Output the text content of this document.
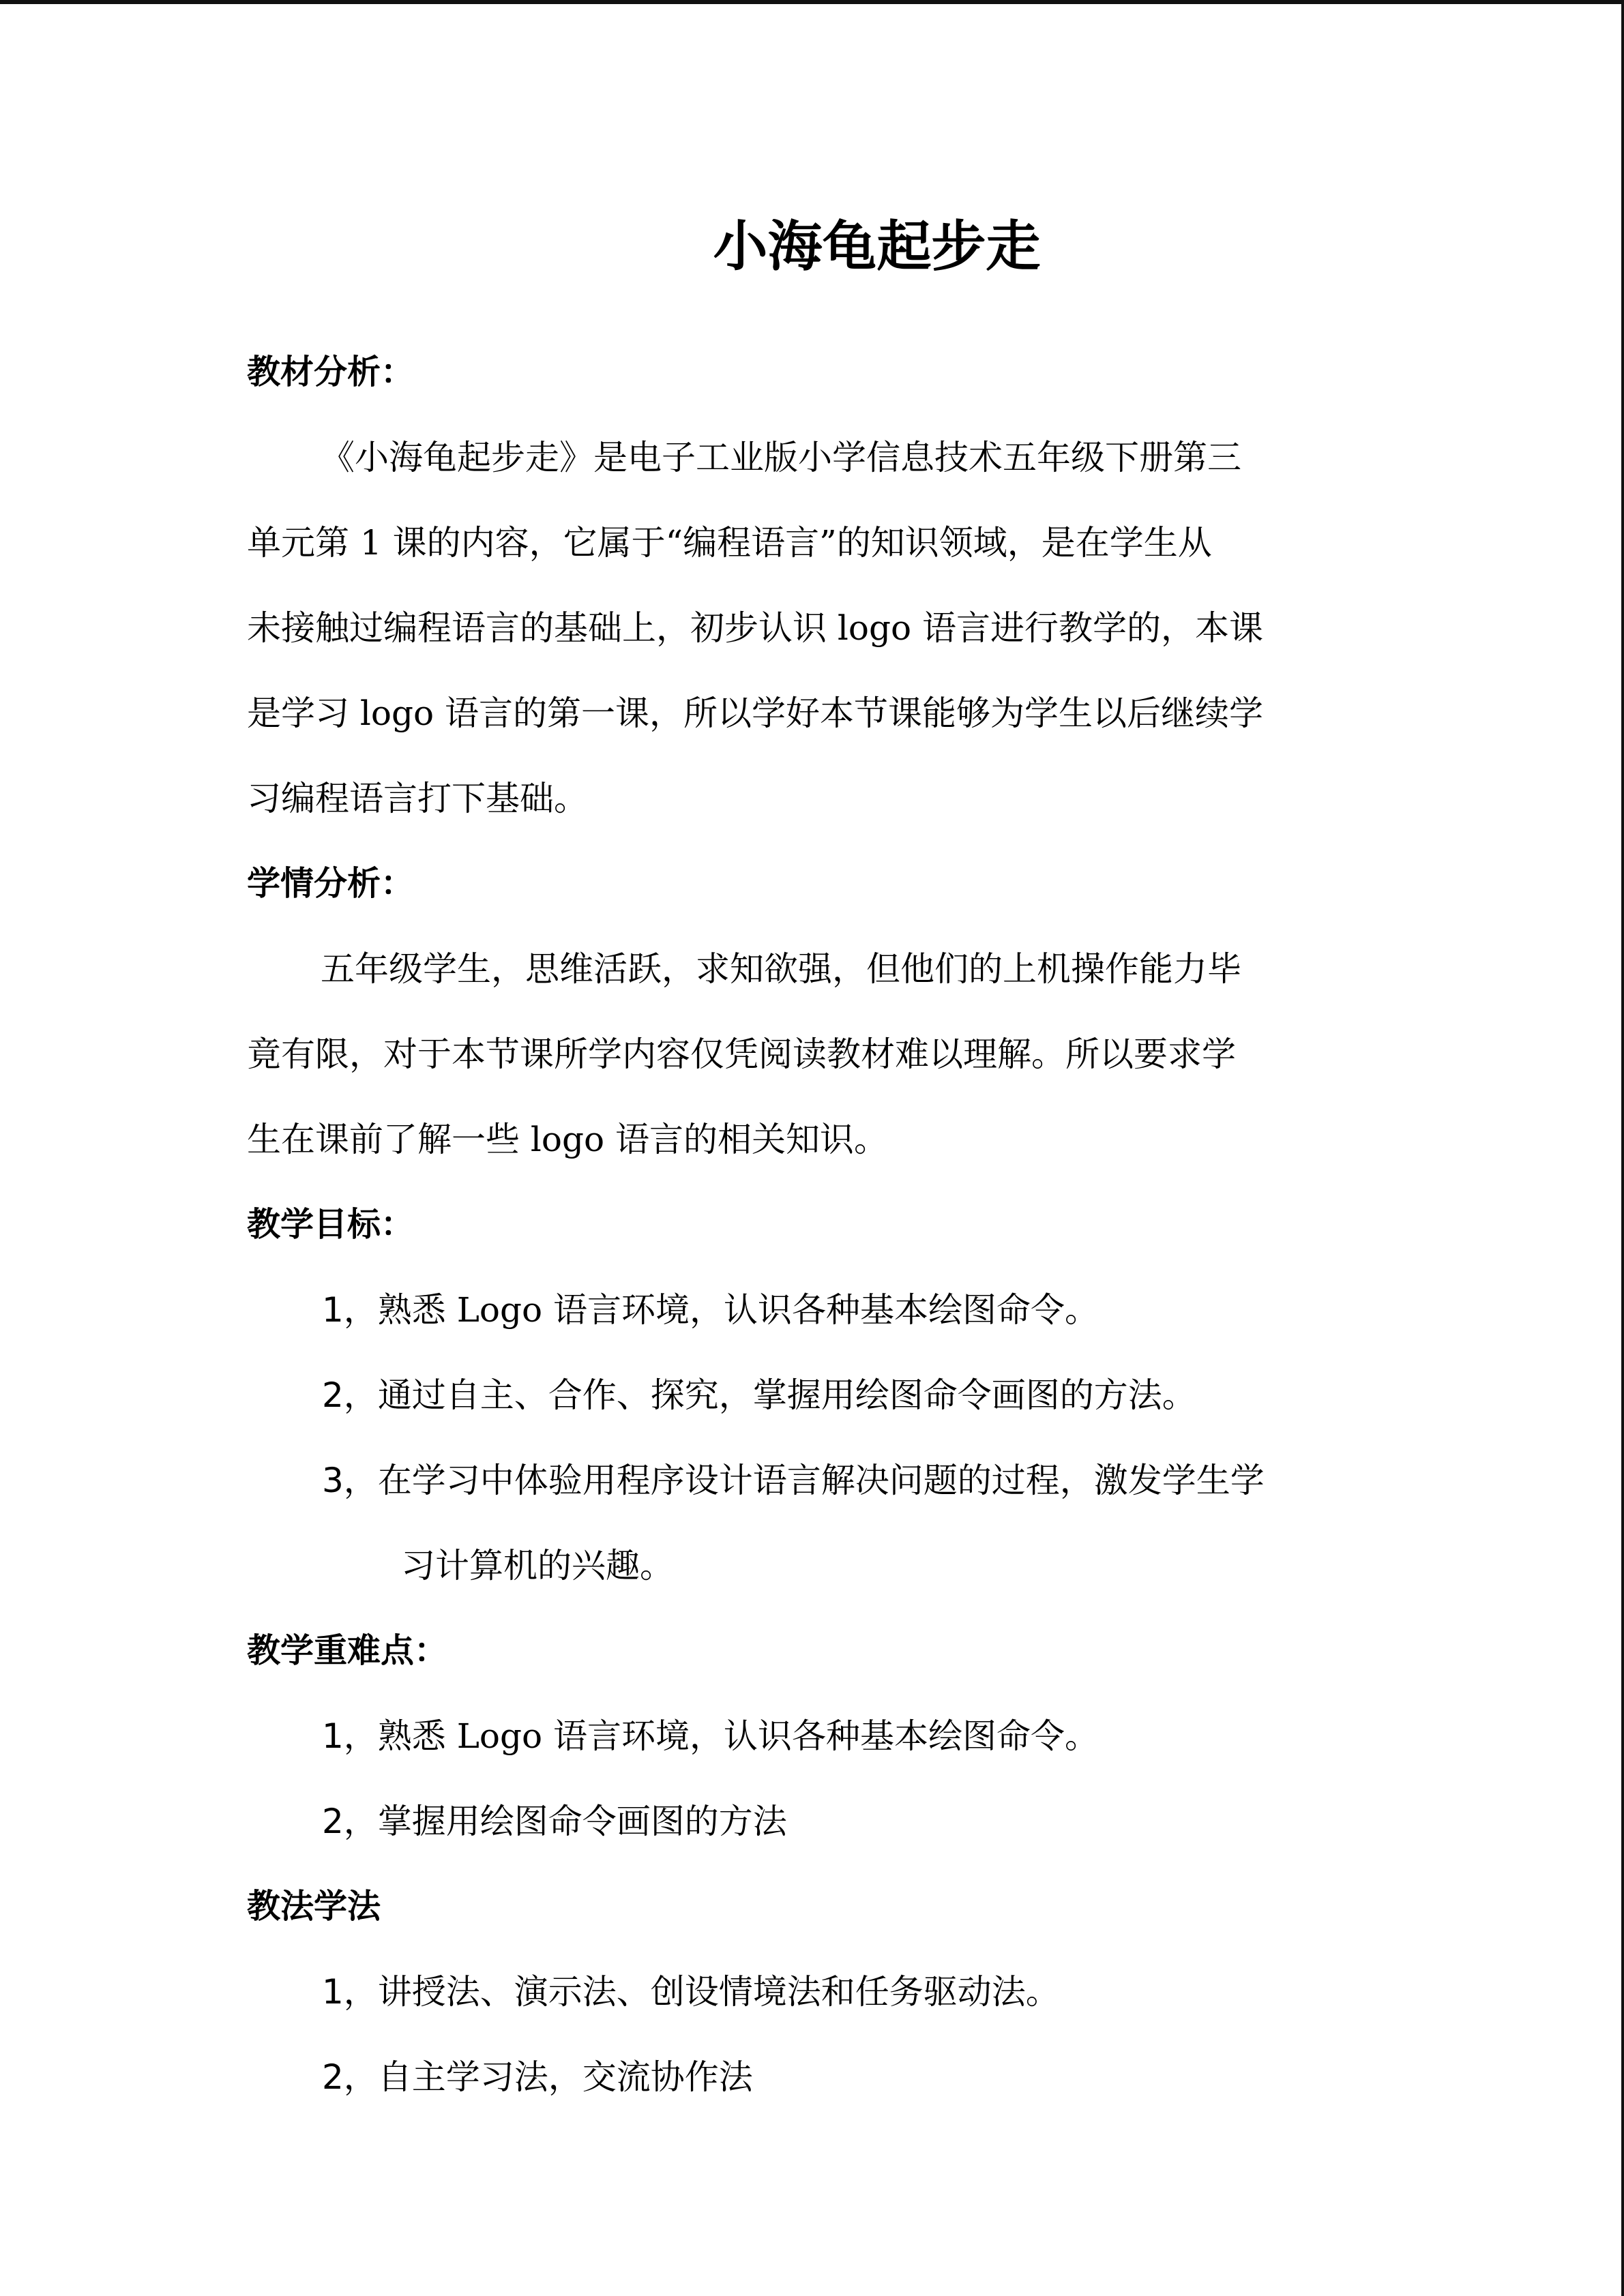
小海龟起步走
教材分析：
《小海龟起步走》是电子工业版小学信息技术五年级下册第三
单元第 1 课的内容，它属于“编程语言”的知识领域，是在学生从
未接触过编程语言的基础上，初步认识 logo 语言进行教学的，本课
是学习 logo 语言的第一课，所以学好本节课能够为学生以后继续学
习编程语言打下基础。
学情分析：
五年级学生，思维活跃，求知欲强，但他们的上机操作能力毕
竟有限，对于本节课所学内容仅凭阅读教材难以理解。所以要求学
生在课前了解一些 logo 语言的相关知识。
教学目标：
1，熟悉 Logo 语言环境，认识各种基本绘图命令。
2，通过自主、合作、探究，掌握用绘图命令画图的方法。
3，在学习中体验用程序设计语言解决问题的过程，激发学生学
习计算机的兴趣。
教学重难点：
1，熟悉 Logo 语言环境，认识各种基本绘图命令。
2，掌握用绘图命令画图的方法
教法学法
1，讲授法、演示法、创设情境法和任务驱动法。
2，自主学习法，交流协作法
